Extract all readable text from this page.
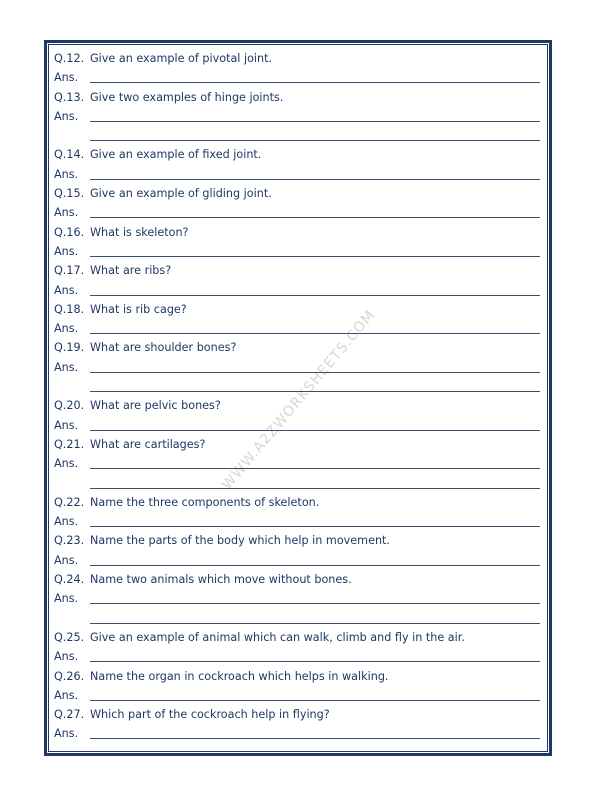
WWW.A2ZWORKSHEETS.COM
Q.12. Give an example of pivotal joint.
Ans.
Q.13. Give two examples of hinge joints.
Ans.
Q.14. Give an example of fixed joint.
Ans.
Q.15. Give an example of gliding joint.
Ans.
Q.16. What is skeleton?
Ans.
Q.17. What are ribs?
Ans.
Q.18. What is rib cage?
Ans.
Q.19. What are shoulder bones?
Ans.
Q.20. What are pelvic bones?
Ans.
Q.21. What are cartilages?
Ans.
Q.22. Name the three components of skeleton.
Ans.
Q.23. Name the parts of the body which help in movement.
Ans.
Q.24. Name two animals which move without bones.
Ans.
Q.25. Give an example of animal which can walk, climb and fly in the air.
Ans.
Q.26. Name the organ in cockroach which helps in walking.
Ans.
Q.27. Which part of the cockroach help in flying?
Ans.
